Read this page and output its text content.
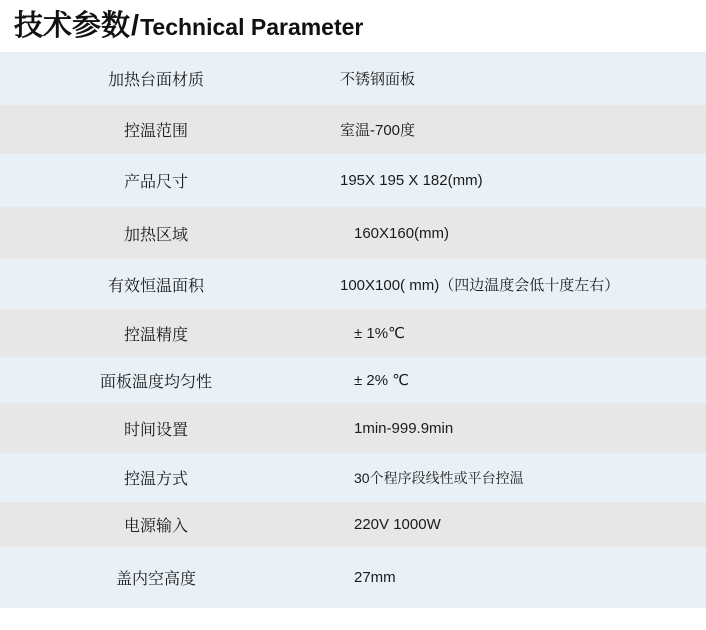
技术参数 / Technical Parameter
加热台面材质	不锈钢面板
控温范围	室温-700度
产品尺寸	195X 195 X 182(mm)
加热区域	160X160(mm)
有效恒温面积	100X100( mm)（四边温度会低十度左右）
控温精度	± 1%℃
面板温度均匀性	± 2% ℃
时间设置	1min-999.9min
控温方式	30个程序段线性或平台控温
电源输入	220V 1000W
盖内空高度	27mm
